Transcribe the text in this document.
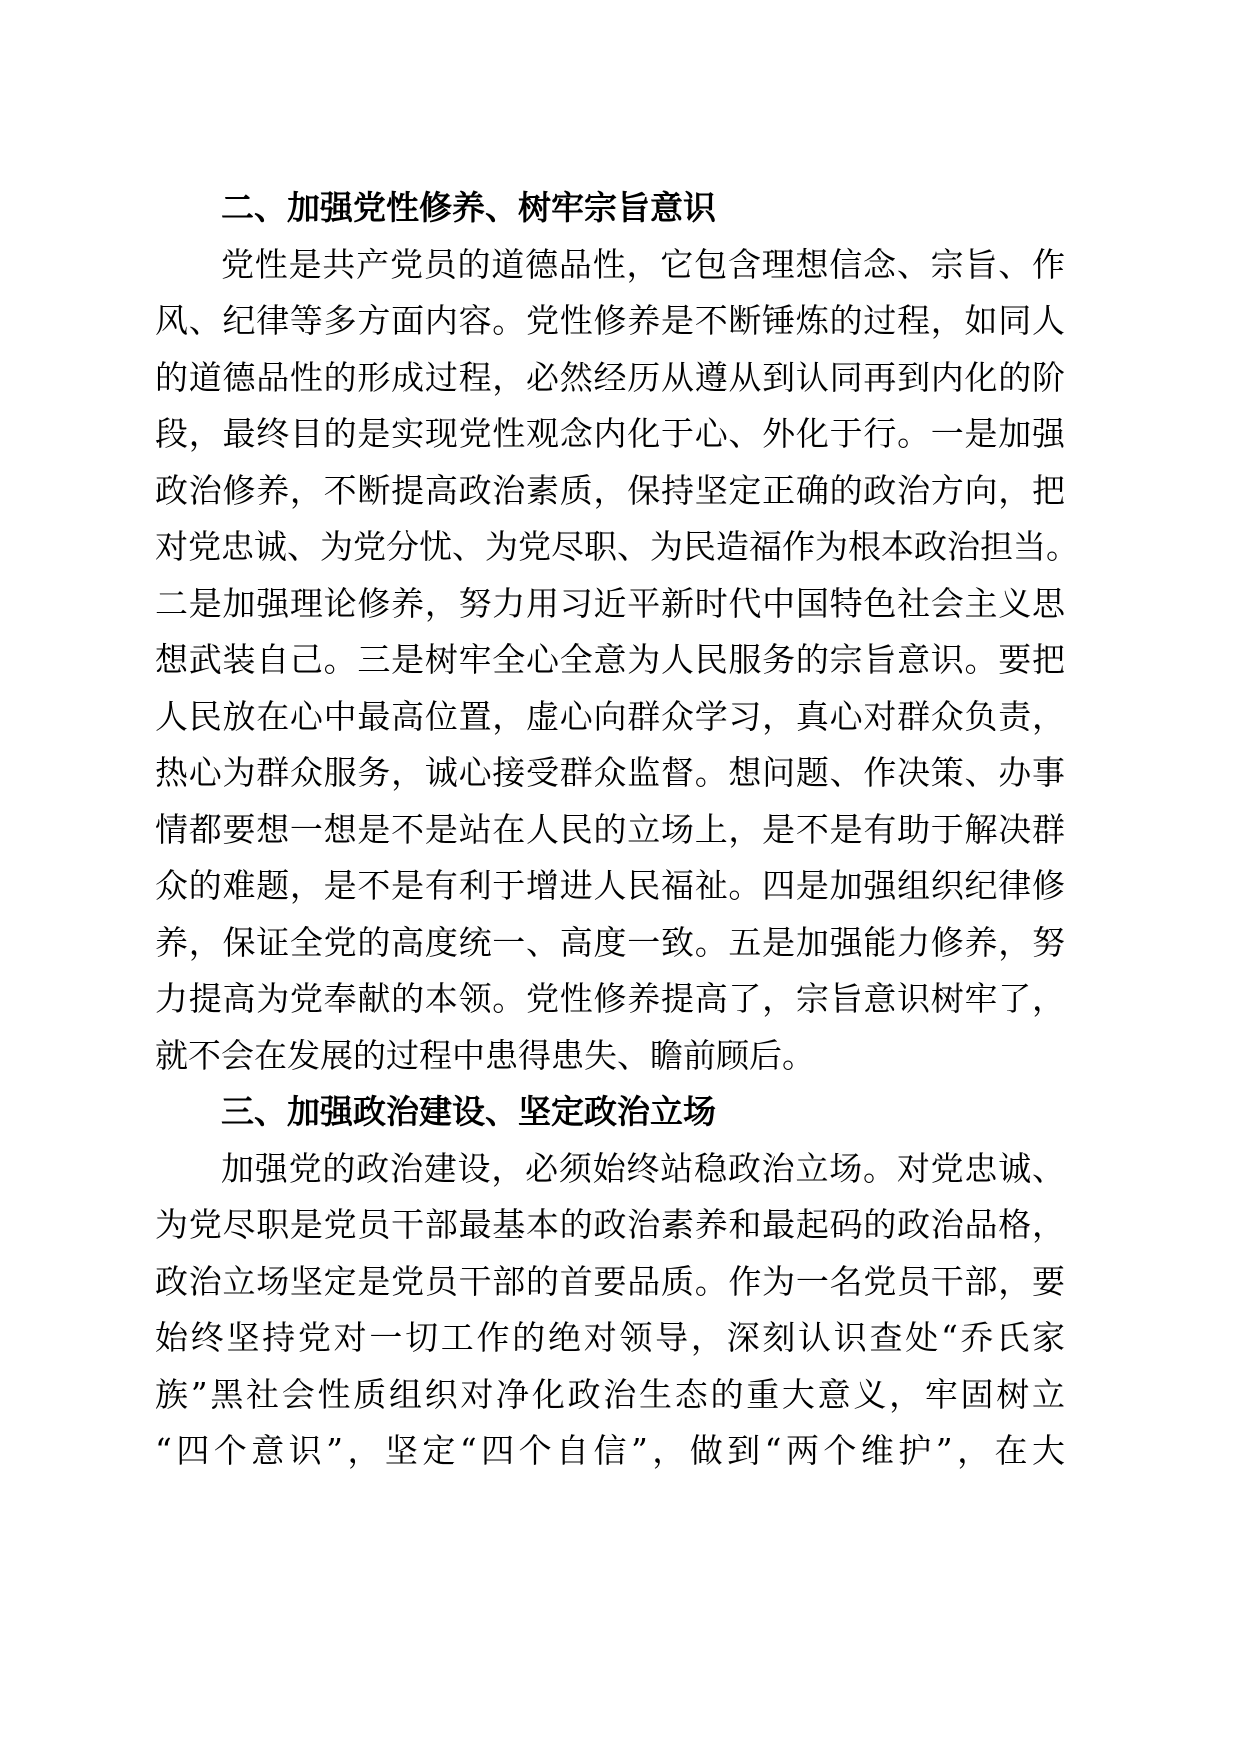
二、加强党性修养、树牢宗旨意识
党性是共产党员的道德品性，它包含理想信念、宗旨、作
风、纪律等多方面内容。党性修养是不断锤炼的过程，如同人
的道德品性的形成过程，必然经历从遵从到认同再到内化的阶
段，最终目的是实现党性观念内化于心、外化于行。一是加强
政治修养，不断提高政治素质，保持坚定正确的政治方向，把
对党忠诚、为党分忧、为党尽职、为民造福作为根本政治担当。
二是加强理论修养，努力用习近平新时代中国特色社会主义思
想武装自己。三是树牢全心全意为人民服务的宗旨意识。要把
人民放在心中最高位置，虚心向群众学习，真心对群众负责，
热心为群众服务，诚心接受群众监督。想问题、作决策、办事
情都要想一想是不是站在人民的立场上，是不是有助于解决群
众的难题，是不是有利于增进人民福祉。四是加强组织纪律修
养，保证全党的高度统一、高度一致。五是加强能力修养，努
力提高为党奉献的本领。党性修养提高了，宗旨意识树牢了，
就不会在发展的过程中患得患失、瞻前顾后。
三、加强政治建设、坚定政治立场
加强党的政治建设，必须始终站稳政治立场。对党忠诚、
为党尽职是党员干部最基本的政治素养和最起码的政治品格，
政治立场坚定是党员干部的首要品质。作为一名党员干部，要
始终坚持党对一切工作的绝对领导，深刻认识查处“乔氏家
族”黑社会性质组织对净化政治生态的重大意义，牢固树立
“四个意识”，坚定“四个自信”，做到“两个维护”，在大
